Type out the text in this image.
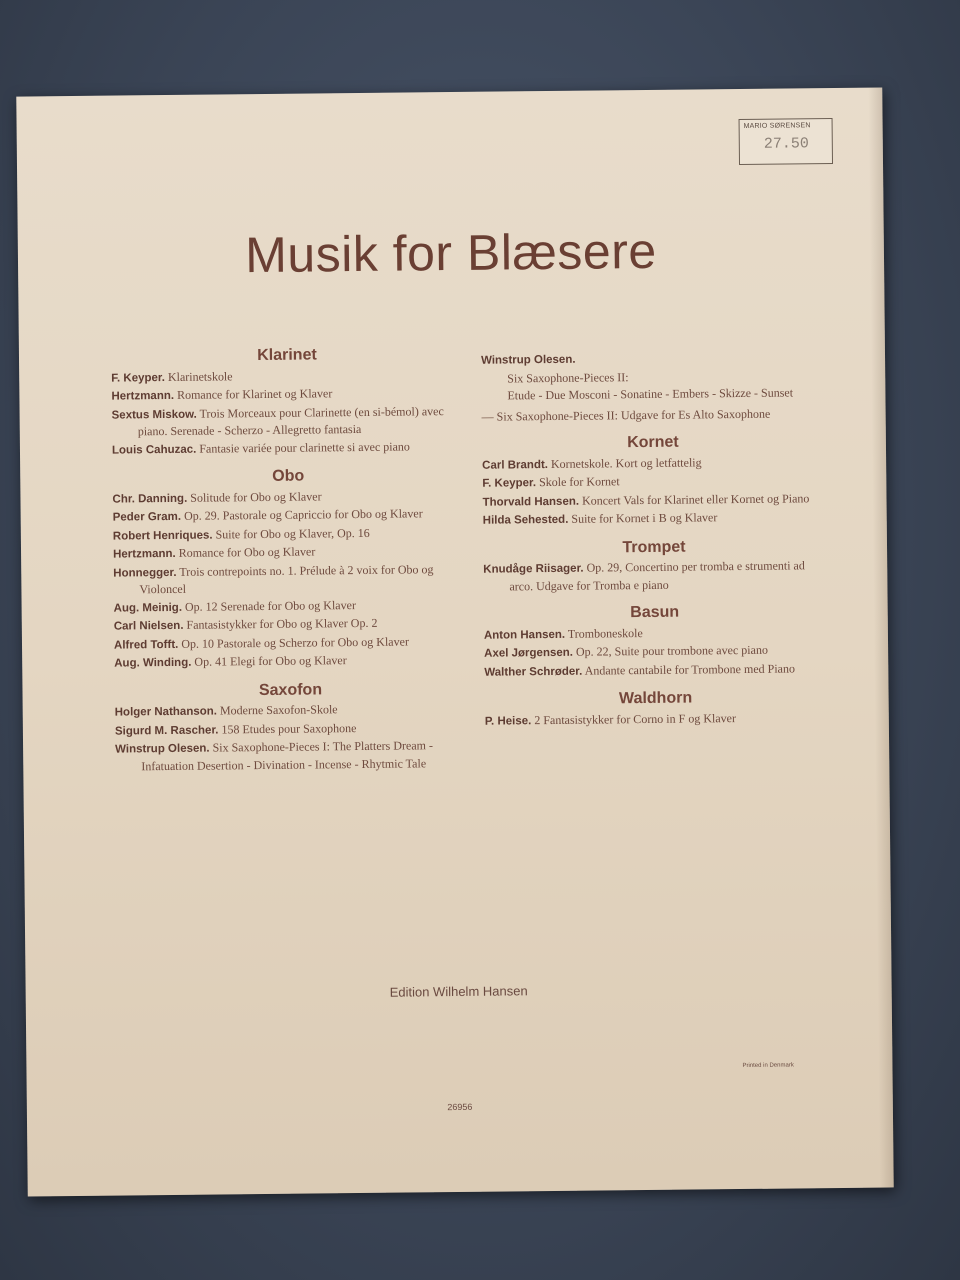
MARIO SØRENSEN
27.50
Musik for Blæsere
Klarinet
F. Keyper. Klarinetskole
Hertzmann. Romance for Klarinet og Klaver
Sextus Miskow. Trois Morceaux pour Clarinette (en si-bémol) avec piano. Serenade - Scherzo - Allegretto fantasia
Louis Cahuzac. Fantasie variée pour clarinette si avec piano
Obo
Chr. Danning. Solitude for Obo og Klaver
Peder Gram. Op. 29. Pastorale og Capriccio for Obo og Klaver
Robert Henriques. Suite for Obo og Klaver, Op. 16
Hertzmann. Romance for Obo og Klaver
Honnegger. Trois contrepoints no. 1. Prélude à 2 voix for Obo og Violoncel
Aug. Meinig. Op. 12 Serenade for Obo og Klaver
Carl Nielsen. Fantasistykker for Obo og Klaver Op. 2
Alfred Tofft. Op. 10 Pastorale og Scherzo for Obo og Klaver
Aug. Winding. Op. 41 Elegi for Obo og Klaver
Saxofon
Holger Nathanson. Moderne Saxofon-Skole
Sigurd M. Rascher. 158 Etudes pour Saxophone
Winstrup Olesen. Six Saxophone-Pieces I: The Platters Dream - Infatuation Desertion - Divination - Incense - Rhytmic Tale
Winstrup Olesen.
Six Saxophone-Pieces II:
Etude - Due Mosconi - Sonatine - Embers - Skizze - Sunset
— Six Saxophone-Pieces II: Udgave for Es Alto Saxophone
Kornet
Carl Brandt. Kornetskole. Kort og letfattelig
F. Keyper. Skole for Kornet
Thorvald Hansen. Koncert Vals for Klarinet eller Kornet og Piano
Hilda Sehested. Suite for Kornet i B og Klaver
Trompet
Knudåge Riisager. Op. 29, Concertino per tromba e strumenti ad arco. Udgave for Tromba e piano
Basun
Anton Hansen. Tromboneskole
Axel Jørgensen. Op. 22, Suite pour trombone avec piano
Walther Schrøder. Andante cantabile for Trombone med Piano
Waldhorn
P. Heise. 2 Fantasistykker for Corno in F og Klaver
Edition Wilhelm Hansen
Printed in Denmark
26956
